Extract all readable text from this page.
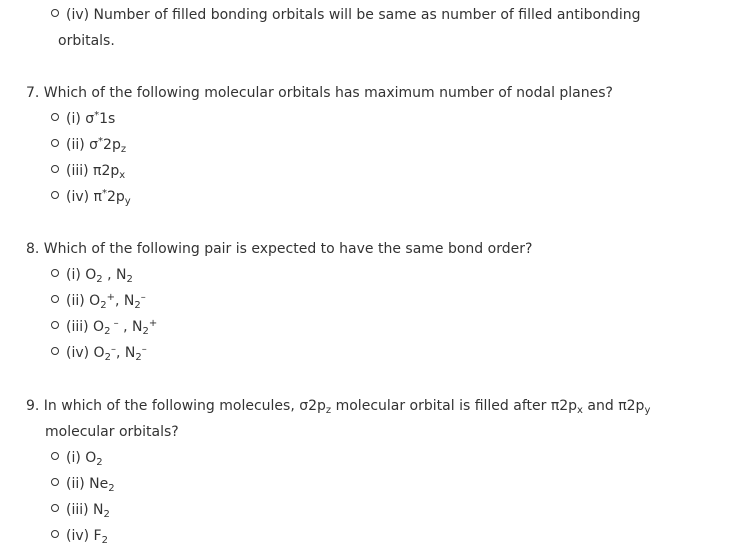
(iv) Number of filled bonding orbitals will be same as number of filled antibonding
orbitals.
7. Which of the following molecular orbitals has maximum number of nodal planes?
(i) σ*1s
(ii) $\sigma^*2p_z$
(iii) $\pi 2p_x$
(iv) $\pi^*2p_y$
8. Which of the following pair is expected to have the same bond order?
(i) $O_2$ , $N_2$
(ii) $O_2^+$, $N_2^-$
(iii) $O_2$ – , $N_2^+$
(iv) $O_2^-$, $N_2^-$
9. In which of the following molecules, $\sigma 2p_z$ molecular orbital is filled after $\pi 2p_x$ and $\pi 2p_y$
molecular orbitals?
(i) $O_2$
(ii) $Ne_2$
(iii) $N_2$
(iv) $F_2$
